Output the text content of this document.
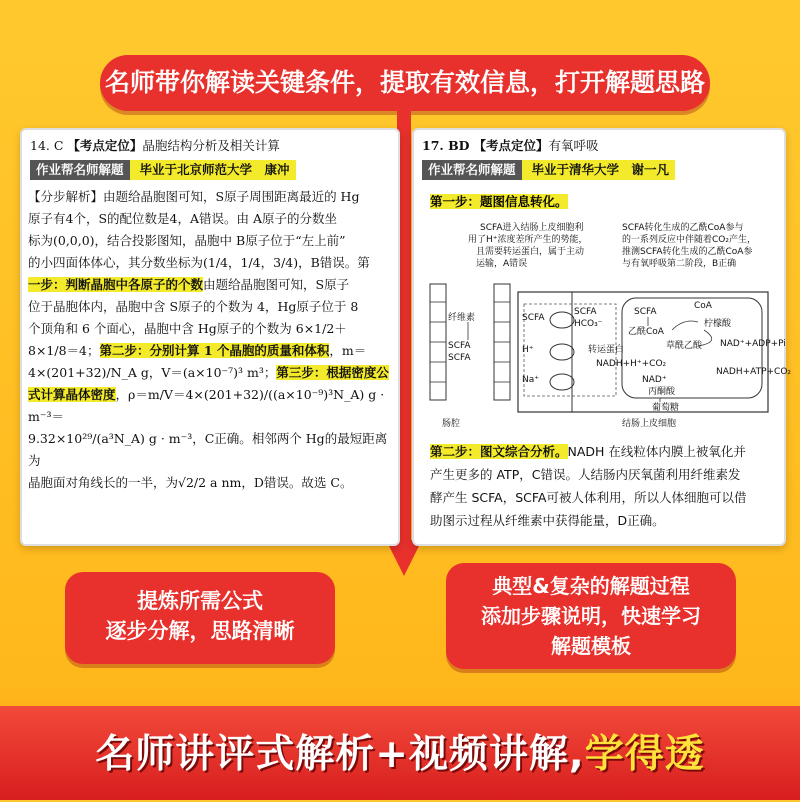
名师带你解读关键条件，提取有效信息，打开解题思路
14. C 【考点定位】晶胞结构分析及相关计算
作业帮名师解题 毕业于北京师范大学　康冲

【分步解析】由题给晶胞图可知，S原子周围距离最近的 Hg

原子有4个，S的配位数是4，A错误。由 A原子的分数坐

标为(0,0,0)，结合投影图知，晶胞中 B原子位于“左上前”

的小四面体体心，其分数坐标为(1/4，1/4，3/4)，B错误。第

一步：判断晶胞中各原子的个数由题给晶胞图可知，S原子

位于晶胞体内，晶胞中含 S原子的个数为 4，Hg原子位于 8

个顶角和 6 个面心，晶胞中含 Hg原子的个数为 6×1/2＋

8×1/8＝4；第二步：分别计算 1 个晶胞的质量和体积，m＝

4×(201+32)/N_A g，V＝(a×10⁻⁷)³ m³；第三步：根据密度公

式计算晶体密度，ρ＝m/V＝4×(201+32)/((a×10⁻⁹)³N_A) g · m⁻³＝

9.32×10²⁹/(a³N_A) g · m⁻³，C正确。相邻两个 Hg的最短距离为

晶胞面对角线长的一半，为√2/2 a nm，D错误。故选 C。

17. BD 【考点定位】有氧呼吸
作业帮名师解题 毕业于清华大学　谢一凡
第一步：题图信息转化。
SCFA进入结肠上皮细胞利
用了H⁺浓度差所产生的势能，
且需要转运蛋白，属于主动
运输，A错误
SCFA转化生成的乙酰CoA参与
的一系列反应中伴随着CO₂产生，
推测SCFA转化生成的乙酰CoA参
与有氧呼吸第二阶段，B正确
纤维素
SCFA
SCFA
SCFA
H⁺
Na⁺
SCFA
HCO₃⁻
转运蛋白
SCFA
乙酰CoA
CoA
柠檬酸
草酰乙酸
NADH+H⁺+CO₂
NAD⁺+ADP+Pi
NADH+ATP+CO₂
NAD⁺
丙酮酸
葡萄糖
肠腔	结肠上皮细胞

第二步：图文综合分析。NADH 在线粒体内膜上被氧化并

产生更多的 ATP，C错误。人结肠内厌氧菌利用纤维素发

酵产生 SCFA，SCFA可被人体利用，所以人体细胞可以借

助图示过程从纤维素中获得能量，D正确。

提炼所需公式
逐步分解，思路清晰
典型&复杂的解题过程
添加步骤说明，快速学习
解题模板
名师讲评式解析+视频讲解,学得透
